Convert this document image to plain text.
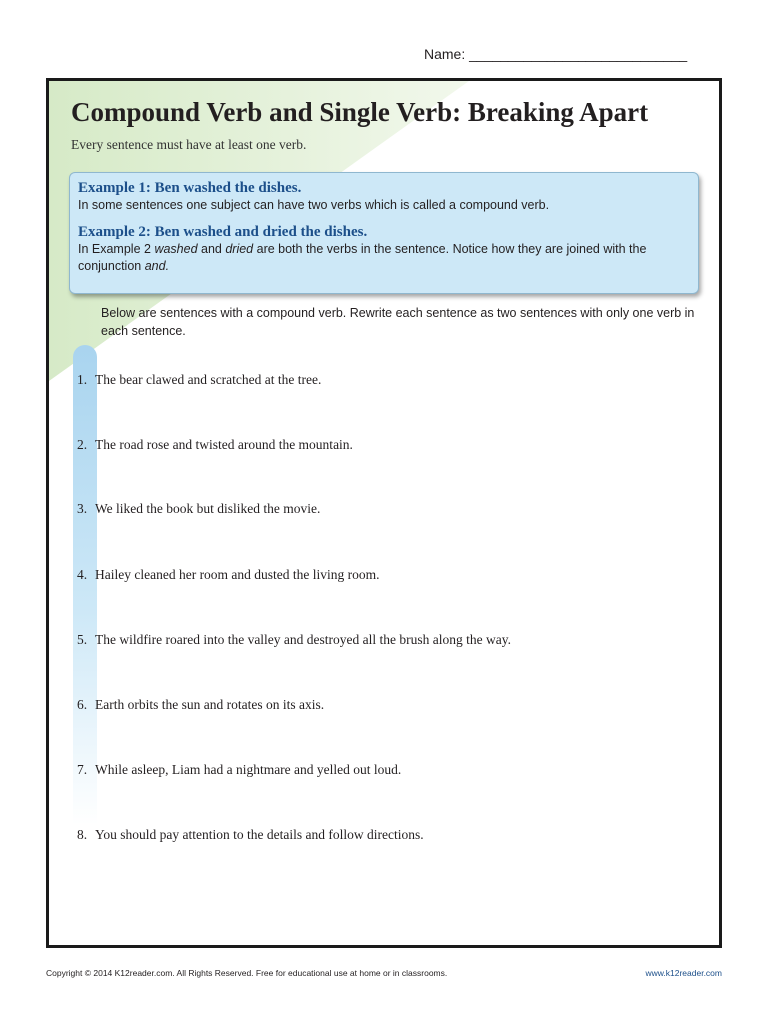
Name: ____________________________
Compound Verb and Single Verb: Breaking Apart
Every sentence must have at least one verb.
Example 1: Ben washed the dishes.
In some sentences one subject can have two verbs which is called a compound verb.
Example 2: Ben washed and dried the dishes.
In Example 2 washed and dried are both the verbs in the sentence. Notice how they are joined with the conjunction and.
Below are sentences with a compound verb. Rewrite each sentence as two sentences with only one verb in each sentence.
1. The bear clawed and scratched at the tree.
2. The road rose and twisted around the mountain.
3. We liked the book but disliked the movie.
4. Hailey cleaned her room and dusted the living room.
5. The wildfire roared into the valley and destroyed all the brush along the way.
6. Earth orbits the sun and rotates on its axis.
7. While asleep, Liam had a nightmare and yelled out loud.
8. You should pay attention to the details and follow directions.
Copyright © 2014 K12reader.com. All Rights Reserved. Free for educational use at home or in classrooms.	www.k12reader.com
